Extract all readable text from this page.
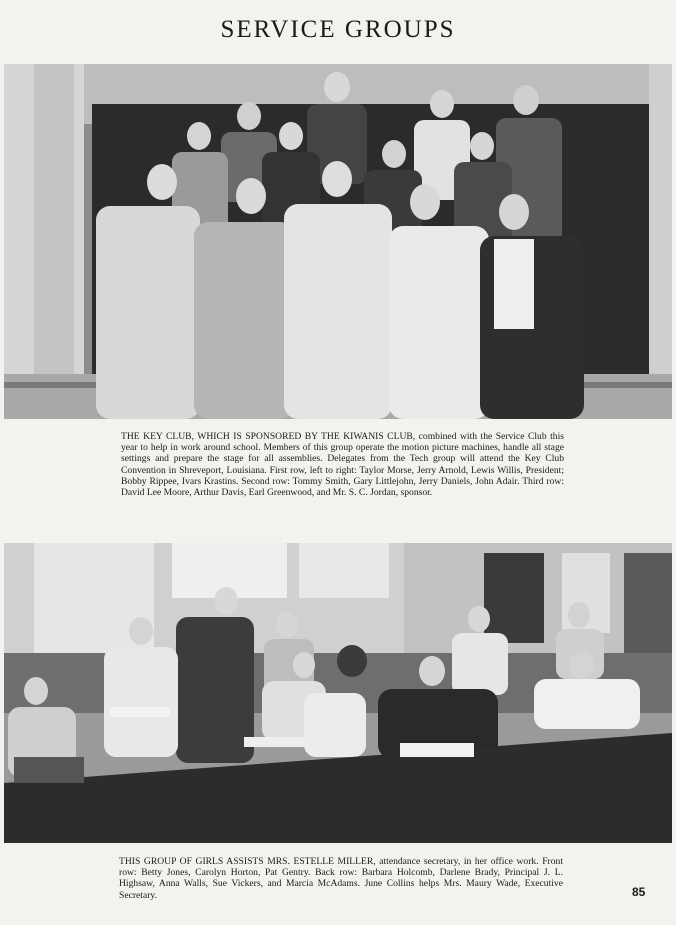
SERVICE GROUPS
THE KEY CLUB, WHICH IS SPONSORED BY THE KIWANIS CLUB, combined with the Service Club this year to help in work around school. Members of this group operate the motion picture machines, handle all stage settings and prepare the stage for all assemblies. Delegates from the Tech group will attend the Key Club Convention in Shreveport, Louisiana. First row, left to right: Taylor Morse, Jerry Arnold, Lewis Willis, President; Bobby Rippee, Ivars Krastins. Second row: Tommy Smith, Gary Littlejohn, Jerry Daniels, John Adair. Third row: David Lee Moore, Arthur Davis, Earl Greenwood, and Mr. S. C. Jordan, sponsor.
THIS GROUP OF GIRLS ASSISTS MRS. ESTELLE MILLER, attendance secretary, in her office work. Front row: Betty Jones, Carolyn Horton, Pat Gentry. Back row: Barbara Holcomb, Darlene Brady, Principal J. L. Highsaw, Anna Walls, Sue Vickers, and Marcia McAdams. June Collins helps Mrs. Maury Wade, Executive Secretary.	85
